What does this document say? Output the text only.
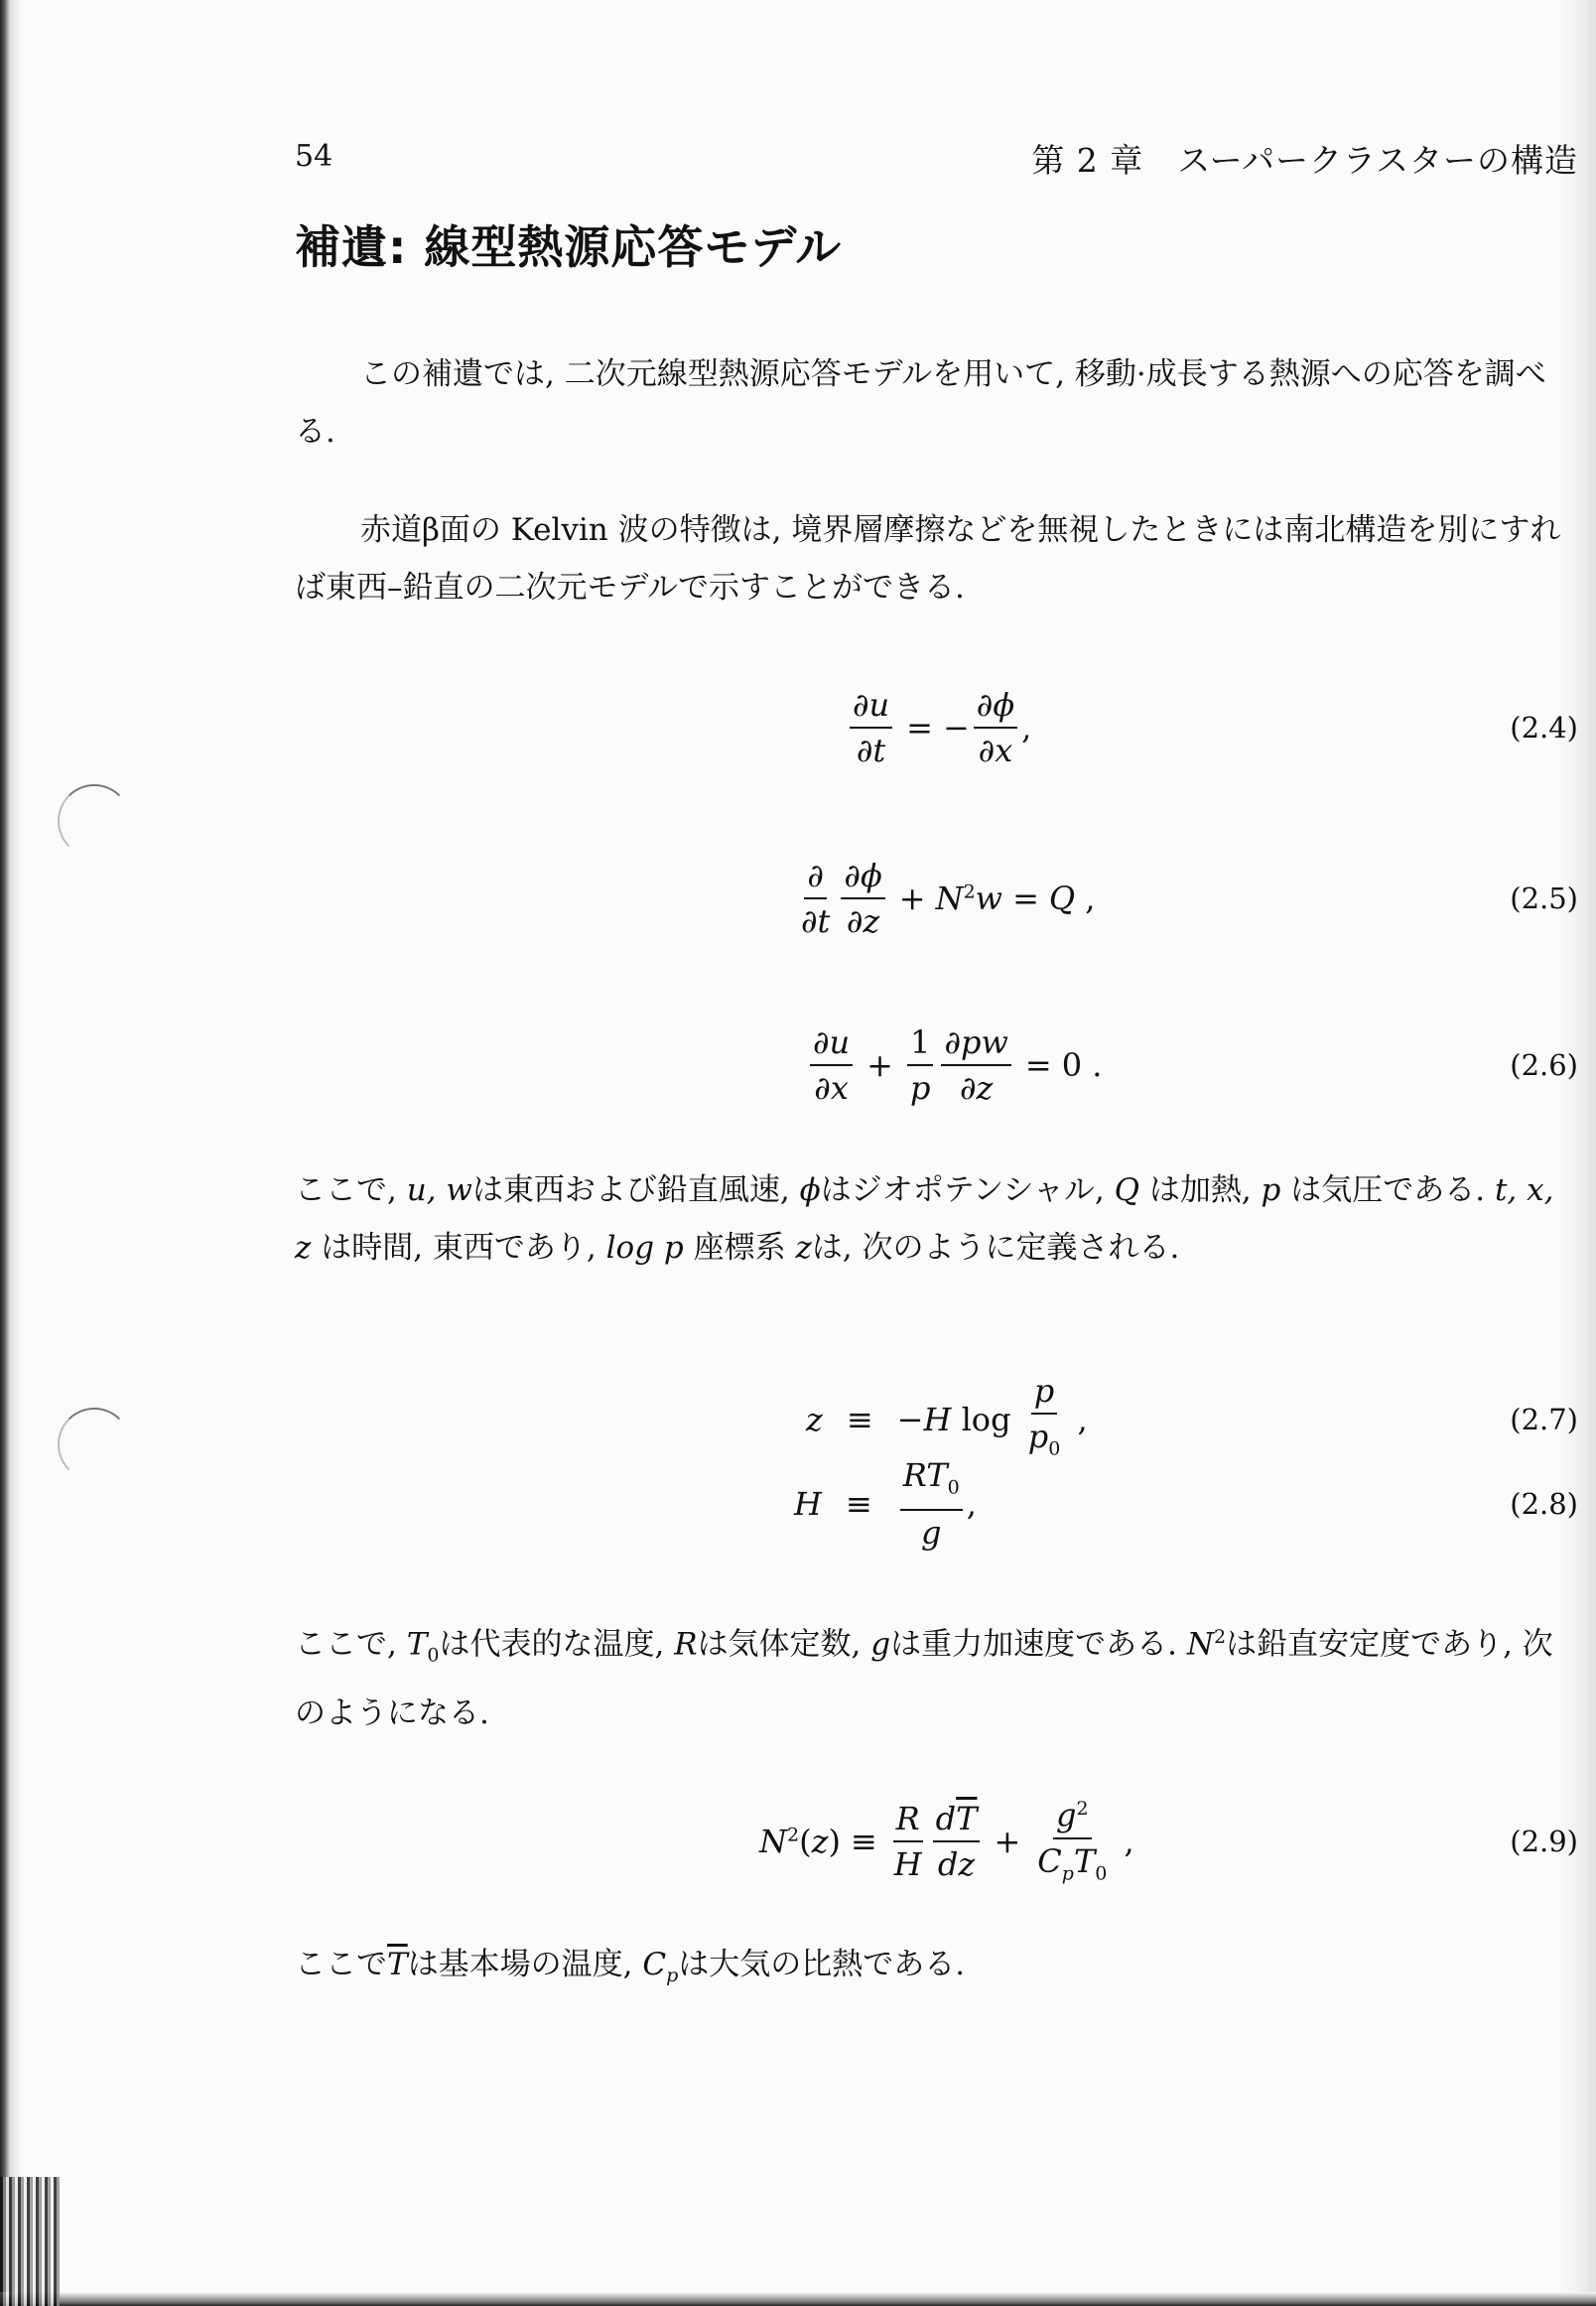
54	第 2 章　スーパークラスターの構造
補遺: 線型熱源応答モデル

この補遺では, 二次元線型熱源応答モデルを用いて, 移動·成長する熱源への応答を調べる.

赤道β面の Kelvin 波の特徴は, 境界層摩擦などを無視したときには南北構造を別にすれば東西–鉛直の二次元モデルで示すことができる.

$\frac{\partial u}{\partial t}$ = − $\frac{\partial\phi}{\partial x}$ ,	(2.4)
$\frac{\partial}{\partial t} \frac{\partial\phi}{\partial z} + N^2w = Q$ ,	(2.5)
$\frac{\partial u}{\partial x} + \frac{1}{p} \frac{\partial pw}{\partial z} = 0$ .	(2.6)

ここで, u, wは東西および鉛直風速, ϕはジオポテンシャル, Q は加熱, p は気圧である. t, x, z は時間, 東西であり, log p 座標系 zは, 次のように定義される.

z ≡ − H $\log \frac{p}{p_0}$ ,	(2.7)
$H \equiv \frac{RT_0}{g}$ ,	(2.8)

ここで, $T_0$は代表的な温度, Rは気体定数, gは重力加速度である. $N^2$は鉛直安定度であり, 次のようになる.

$N^2(z) \equiv \frac{R}{H} \frac{d\overline{T}}{dz} + \frac{g^2}{C_pT_0}$ ,	(2.9)

ここで$\overline{T}$は基本場の温度, $C_p$は大気の比熱である.
